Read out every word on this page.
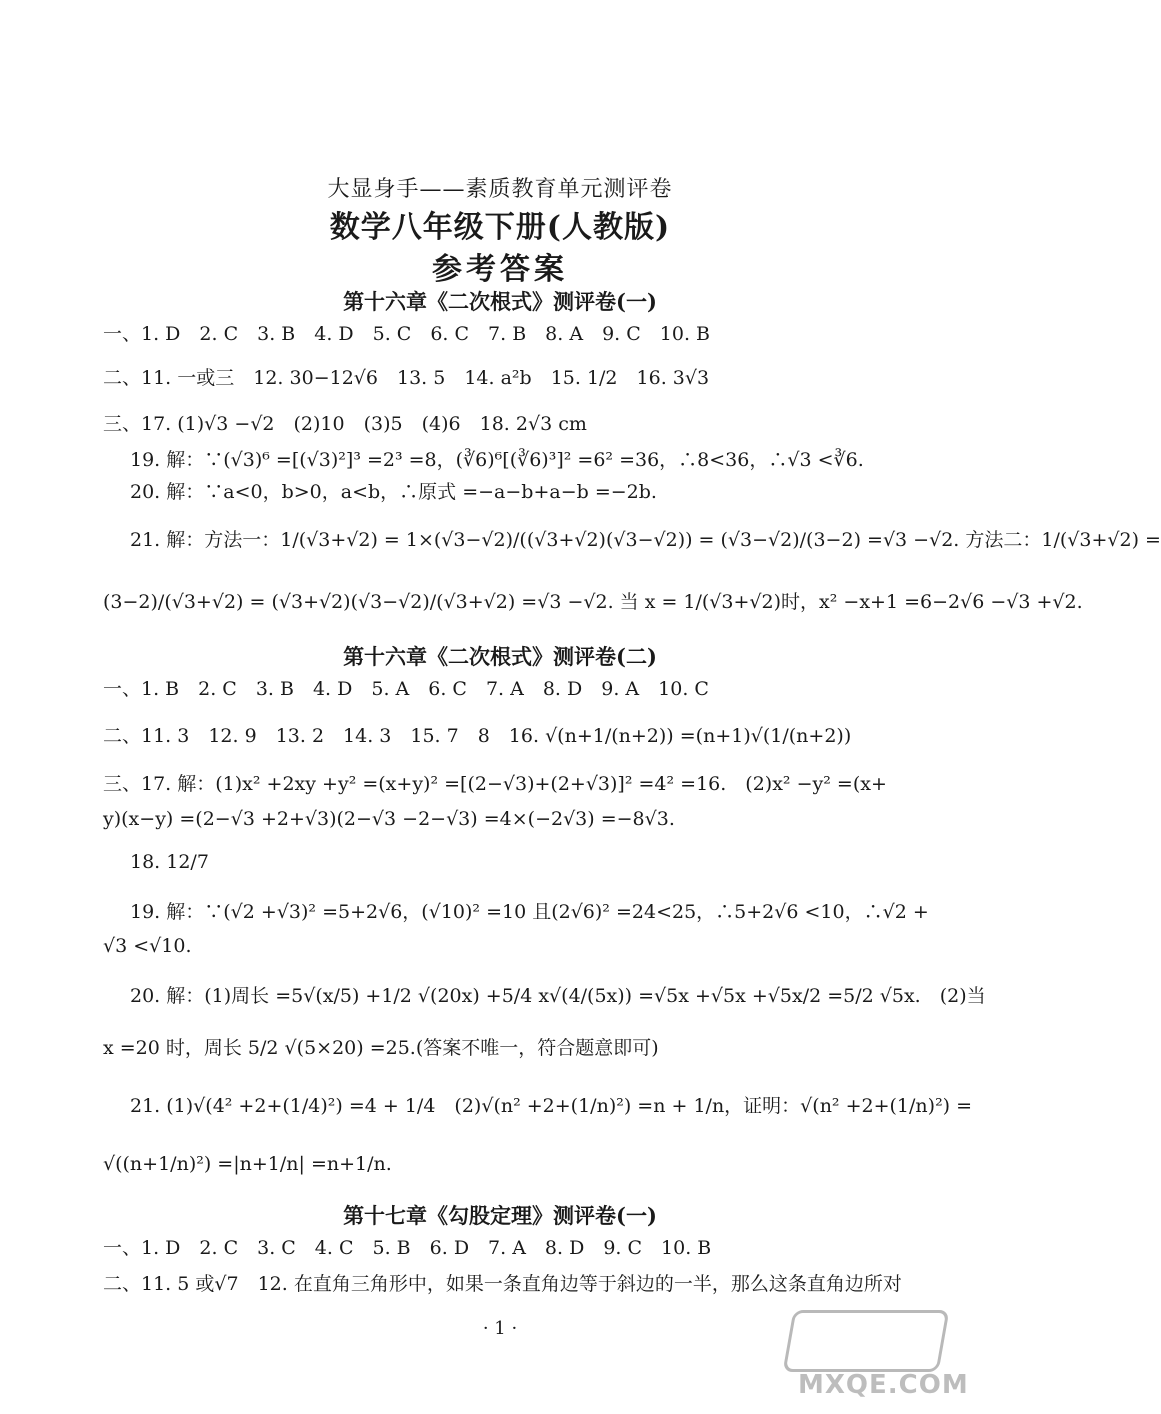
大显身手——素质教育单元测评卷
数学八年级下册(人教版)
参考答案
第十六章《二次根式》测评卷(一)
一、1. D　2. C　3. B　4. D　5. C　6. C　7. B　8. A　9. C　10. B
二、11. 一或三　12. 30−12√6　13. 5　14. a²b　15. 1/2　16. 3√3
三、17. (1)√3 −√2　(2)10　(3)5　(4)6　18. 2√3 cm
19. 解：∵(√3)⁶ =[(√3)²]³ =2³ =8，(∛6)⁶[(∛6)³]² =6² =36，∴8<36，∴√3 <∛6.
20. 解：∵a<0，b>0，a<b，∴原式 =−a−b+a−b =−2b.
21. 解：方法一：1/(√3+√2) = 1×(√3−√2)/((√3+√2)(√3−√2)) = (√3−√2)/(3−2) =√3 −√2. 方法二：1/(√3+√2) =
(3−2)/(√3+√2) = (√3+√2)(√3−√2)/(√3+√2) =√3 −√2. 当 x = 1/(√3+√2)时，x² −x+1 =6−2√6 −√3 +√2.
第十六章《二次根式》测评卷(二)
一、1. B　2. C　3. B　4. D　5. A　6. C　7. A　8. D　9. A　10. C
二、11. 3　12. 9　13. 2　14. 3　15. 7　8　16. √(n+1/(n+2)) =(n+1)√(1/(n+2))
三、17. 解：(1)x² +2xy +y² =(x+y)² =[(2−√3)+(2+√3)]² =4² =16.　(2)x² −y² =(x+
y)(x−y) =(2−√3 +2+√3)(2−√3 −2−√3) =4×(−2√3) =−8√3.
18. 12/7
19. 解：∵(√2 +√3)² =5+2√6，(√10)² =10 且(2√6)² =24<25，∴5+2√6 <10，∴√2 +
√3 <√10.
20. 解：(1)周长 =5√(x/5) +1/2 √(20x) +5/4 x√(4/(5x)) =√5x +√5x +√5x/2 =5/2 √5x.　(2)当
x =20 时，周长 5/2 √(5×20) =25.(答案不唯一，符合题意即可)
21. (1)√(4² +2+(1/4)²) =4 + 1/4　(2)√(n² +2+(1/n)²) =n + 1/n，证明：√(n² +2+(1/n)²) =
√((n+1/n)²) =|n+1/n| =n+1/n.
第十七章《勾股定理》测评卷(一)
一、1. D　2. C　3. C　4. C　5. B　6. D　7. A　8. D　9. C　10. B
二、11. 5 或√7　12. 在直角三角形中，如果一条直角边等于斜边的一半，那么这条直角边所对
· 1 ·
MXQE.COM
